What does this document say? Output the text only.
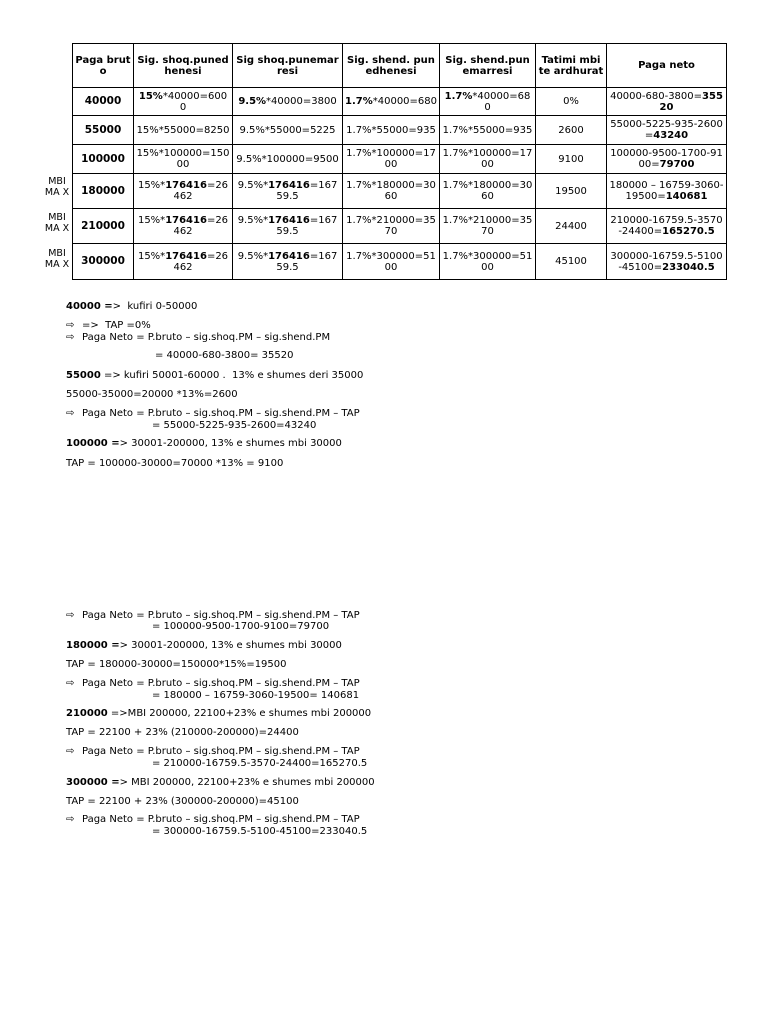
Paga bruto	Sig. shoq.punedhenesi	Sig shoq.punemarresi	Sig. shend. punedhenesi	Sig. shend.punemarresi	Tatimi mbi te ardhurat	Paga neto
40000	15%*40000=6000	9.5%*40000=3800	1.7%*40000=680	1.7%*40000=680	0%	40000-680-3800=35520
55000	15%*55000=8250	9.5%*55000=5225	1.7%*55000=935	1.7%*55000=935	2600	55000-5225-935-2600=43240
100000	15%*100000=15000	9.5%*100000=9500	1.7%*100000=1700	1.7%*100000=1700	9100	100000-9500-1700-9100=79700
180000	15%*176416=26462	9.5%*176416=16759.5	1.7%*180000=3060	1.7%*180000=3060	19500	180000 – 16759-3060-19500=140681
210000	15%*176416=26462	9.5%*176416=16759.5	1.7%*210000=3570	1.7%*210000=3570	24400	210000-16759.5-3570-24400=165270.5
300000	15%*176416=26462	9.5%*176416=16759.5	1.7%*300000=5100	1.7%*300000=5100	45100	300000-16759.5-5100-45100=233040.5
MBI MA X
MBI MA X
MBI MA X
40000 =>  kufiri 0-50000
⇨ =>  TAP =0%
⇨ Paga Neto = P.bruto – sig.shoq.PM – sig.shend.PM
= 40000-680-3800= 35520
55000 => kufiri 50001-60000 .  13% e shumes deri 35000
55000-35000=20000 *13%=2600
⇨ Paga Neto = P.bruto – sig.shoq.PM – sig.shend.PM – TAP
= 55000-5225-935-2600=43240
100000 => 30001-200000, 13% e shumes mbi 30000
TAP = 100000-30000=70000 *13% = 9100
⇨ Paga Neto = P.bruto – sig.shoq.PM – sig.shend.PM – TAP
= 100000-9500-1700-9100=79700
180000 => 30001-200000, 13% e shumes mbi 30000
TAP = 180000-30000=150000*15%=19500
⇨ Paga Neto = P.bruto – sig.shoq.PM – sig.shend.PM – TAP
= 180000 – 16759-3060-19500= 140681
210000 =>MBI 200000, 22100+23% e shumes mbi 200000
TAP = 22100 + 23% (210000-200000)=24400
⇨ Paga Neto = P.bruto – sig.shoq.PM – sig.shend.PM – TAP
= 210000-16759.5-3570-24400=165270.5
300000 => MBI 200000, 22100+23% e shumes mbi 200000
TAP = 22100 + 23% (300000-200000)=45100
⇨ Paga Neto = P.bruto – sig.shoq.PM – sig.shend.PM – TAP
= 300000-16759.5-5100-45100=233040.5
